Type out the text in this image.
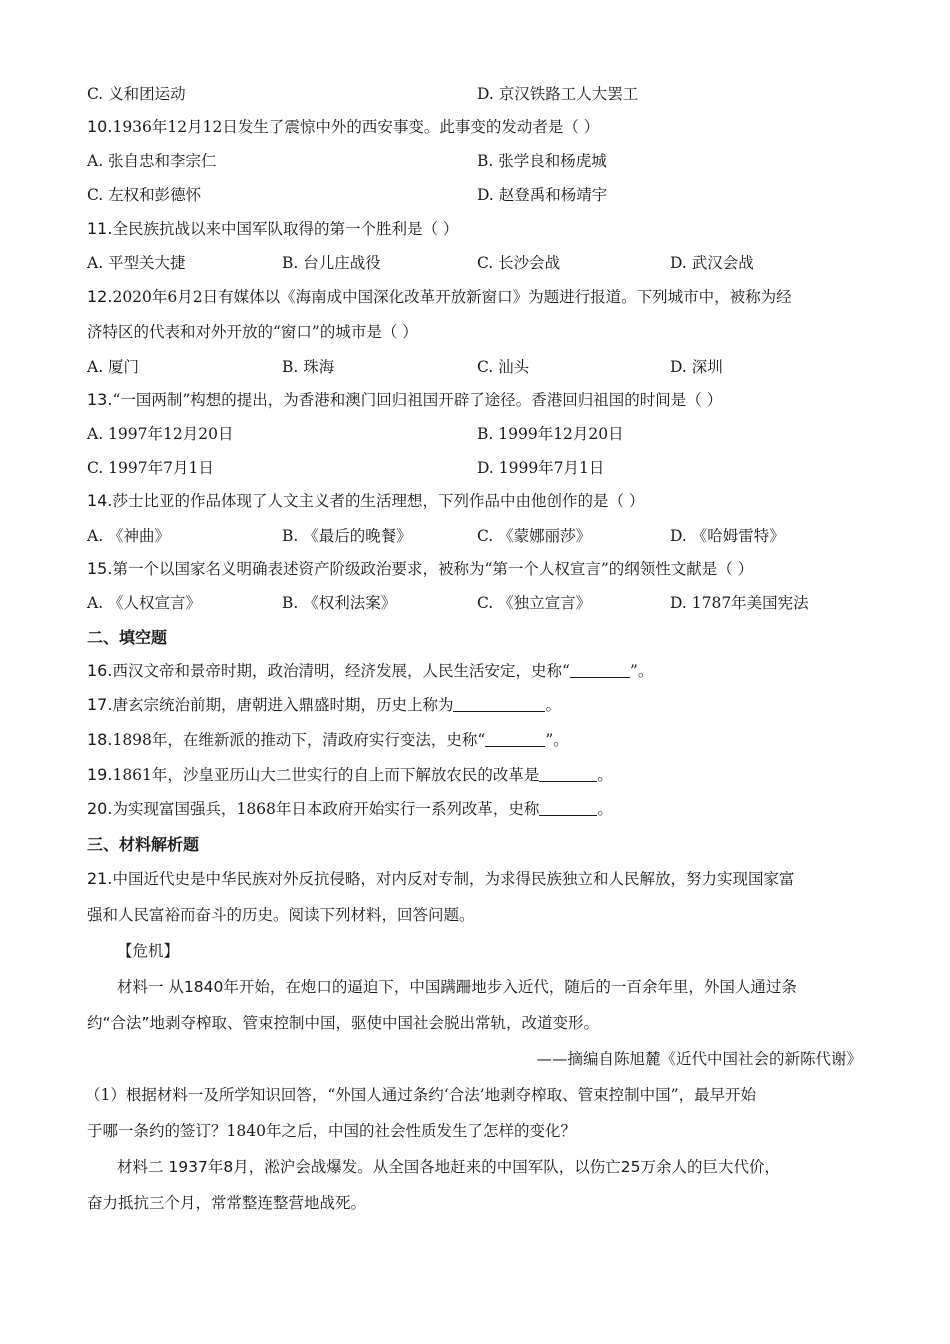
C. 义和团运动	D. 京汉铁路工人大罢工
10.1936年12月12日发生了震惊中外的西安事变。此事变的发动者是（ ）
A. 张自忠和李宗仁	B. 张学良和杨虎城
C. 左权和彭德怀	D. 赵登禹和杨靖宇
11.全民族抗战以来中国军队取得的第一个胜利是（ ）
A. 平型关大捷	B. 台儿庄战役	C. 长沙会战	D. 武汉会战
12.2020年6月2日有媒体以《海南成中国深化改革开放新窗口》为题进行报道。下列城市中，被称为经
济特区的代表和对外开放的“窗口”的城市是（ ）
A. 厦门	B. 珠海	C. 汕头	D. 深圳
13.“一国两制”构想的提出，为香港和澳门回归祖国开辟了途径。香港回归祖国的时间是（ ）
A. 1997年12月20日	B. 1999年12月20日
C. 1997年7月1日	D. 1999年7月1日
14.莎士比亚的作品体现了人文主义者的生活理想，下列作品中由他创作的是（ ）
A. 《神曲》	B. 《最后的晚餐》	C. 《蒙娜丽莎》	D. 《哈姆雷特》
15.第一个以国家名义明确表述资产阶级政治要求，被称为“第一个人权宣言”的纲领性文献是（ ）
A. 《人权宣言》	B. 《权利法案》	C. 《独立宣言》	D. 1787年美国宪法
二、填空题
16.西汉文帝和景帝时期，政治清明，经济发展，人民生活安定，史称“	”。
17.唐玄宗统治前期，唐朝进入鼎盛时期，历史上称为	。
18.1898年，在维新派的推动下，清政府实行变法，史称“	”。
19.1861年，沙皇亚历山大二世实行的自上而下解放农民的改革是	。
20.为实现富国强兵，1868年日本政府开始实行一系列改革，史称	。
三、材料解析题
21.中国近代史是中华民族对外反抗侵略，对内反对专制，为求得民族独立和人民解放，努力实现国家富
强和人民富裕而奋斗的历史。阅读下列材料，回答问题。
【危机】
材料一 从1840年开始，在炮口的逼迫下，中国蹒跚地步入近代，随后的一百余年里，外国人通过条
约“合法”地剥夺榨取、管束控制中国，驱使中国社会脱出常轨，改道变形。
——摘编自陈旭麓《近代中国社会的新陈代谢》
（1）根据材料一及所学知识回答，“外国人通过条约‘合法’地剥夺榨取、管束控制中国”，最早开始
于哪一条约的签订？1840年之后，中国的社会性质发生了怎样的变化？
材料二 1937年8月，淞沪会战爆发。从全国各地赶来的中国军队，以伤亡25万余人的巨大代价，
奋力抵抗三个月，常常整连整营地战死。
